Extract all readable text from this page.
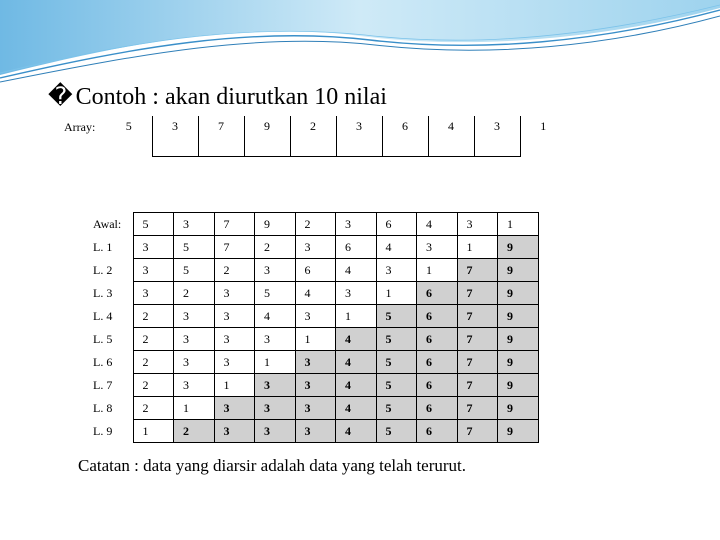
� Contoh : akan diurutkan 10 nilai
Array:	5	3	7	9	2	3	6	4	3	1
Awal:	5	3	7	9	2	3	6	4	3	1
L. 1	3	5	7	2	3	6	4	3	1	9
L. 2	3	5	2	3	6	4	3	1	7	9
L. 3	3	2	3	5	4	3	1	6	7	9
L. 4	2	3	3	4	3	1	5	6	7	9
L. 5	2	3	3	3	1	4	5	6	7	9
L. 6	2	3	3	1	3	4	5	6	7	9
L. 7	2	3	1	3	3	4	5	6	7	9
L. 8	2	1	3	3	3	4	5	6	7	9
L. 9	1	2	3	3	3	4	5	6	7	9
Catatan : data yang diarsir adalah data yang telah terurut.
